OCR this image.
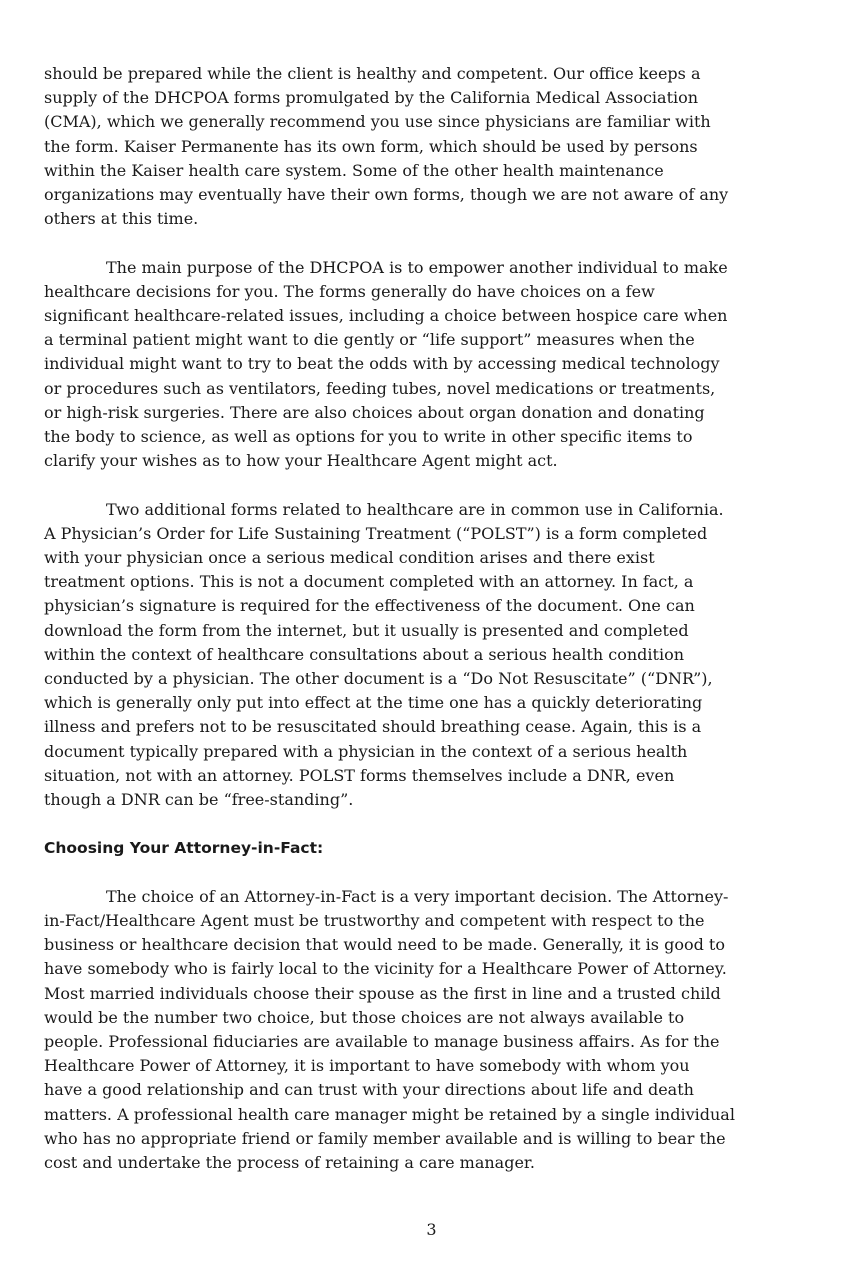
should be prepared while the client is healthy and competent. Our office keeps a
supply of the DHCPOA forms promulgated by the California Medical Association
(CMA), which we generally recommend you use since physicians are familiar with
the form. Kaiser Permanente has its own form, which should be used by persons
within the Kaiser health care system. Some of the other health maintenance
organizations may eventually have their own forms, though we are not aware of any
others at this time.
The main purpose of the DHCPOA is to empower another individual to make
healthcare decisions for you. The forms generally do have choices on a few
significant healthcare-related issues, including a choice between hospice care when
a terminal patient might want to die gently or “life support” measures when the
individual might want to try to beat the odds with by accessing medical technology
or procedures such as ventilators, feeding tubes, novel medications or treatments,
or high-risk surgeries. There are also choices about organ donation and donating
the body to science, as well as options for you to write in other specific items to
clarify your wishes as to how your Healthcare Agent might act.
Two additional forms related to healthcare are in common use in California.
A Physician’s Order for Life Sustaining Treatment (“POLST”) is a form completed
with your physician once a serious medical condition arises and there exist
treatment options. This is not a document completed with an attorney. In fact, a
physician’s signature is required for the effectiveness of the document. One can
download the form from the internet, but it usually is presented and completed
within the context of healthcare consultations about a serious health condition
conducted by a physician. The other document is a “Do Not Resuscitate” (“DNR”),
which is generally only put into effect at the time one has a quickly deteriorating
illness and prefers not to be resuscitated should breathing cease. Again, this is a
document typically prepared with a physician in the context of a serious health
situation, not with an attorney. POLST forms themselves include a DNR, even
though a DNR can be “free-standing”.
Choosing Your Attorney-in-Fact:
The choice of an Attorney-in-Fact is a very important decision. The Attorney-
in-Fact/Healthcare Agent must be trustworthy and competent with respect to the
business or healthcare decision that would need to be made. Generally, it is good to
have somebody who is fairly local to the vicinity for a Healthcare Power of Attorney.
Most married individuals choose their spouse as the first in line and a trusted child
would be the number two choice, but those choices are not always available to
people. Professional fiduciaries are available to manage business affairs. As for the
Healthcare Power of Attorney, it is important to have somebody with whom you
have a good relationship and can trust with your directions about life and death
matters. A professional health care manager might be retained by a single individual
who has no appropriate friend or family member available and is willing to bear the
cost and undertake the process of retaining a care manager.
3
